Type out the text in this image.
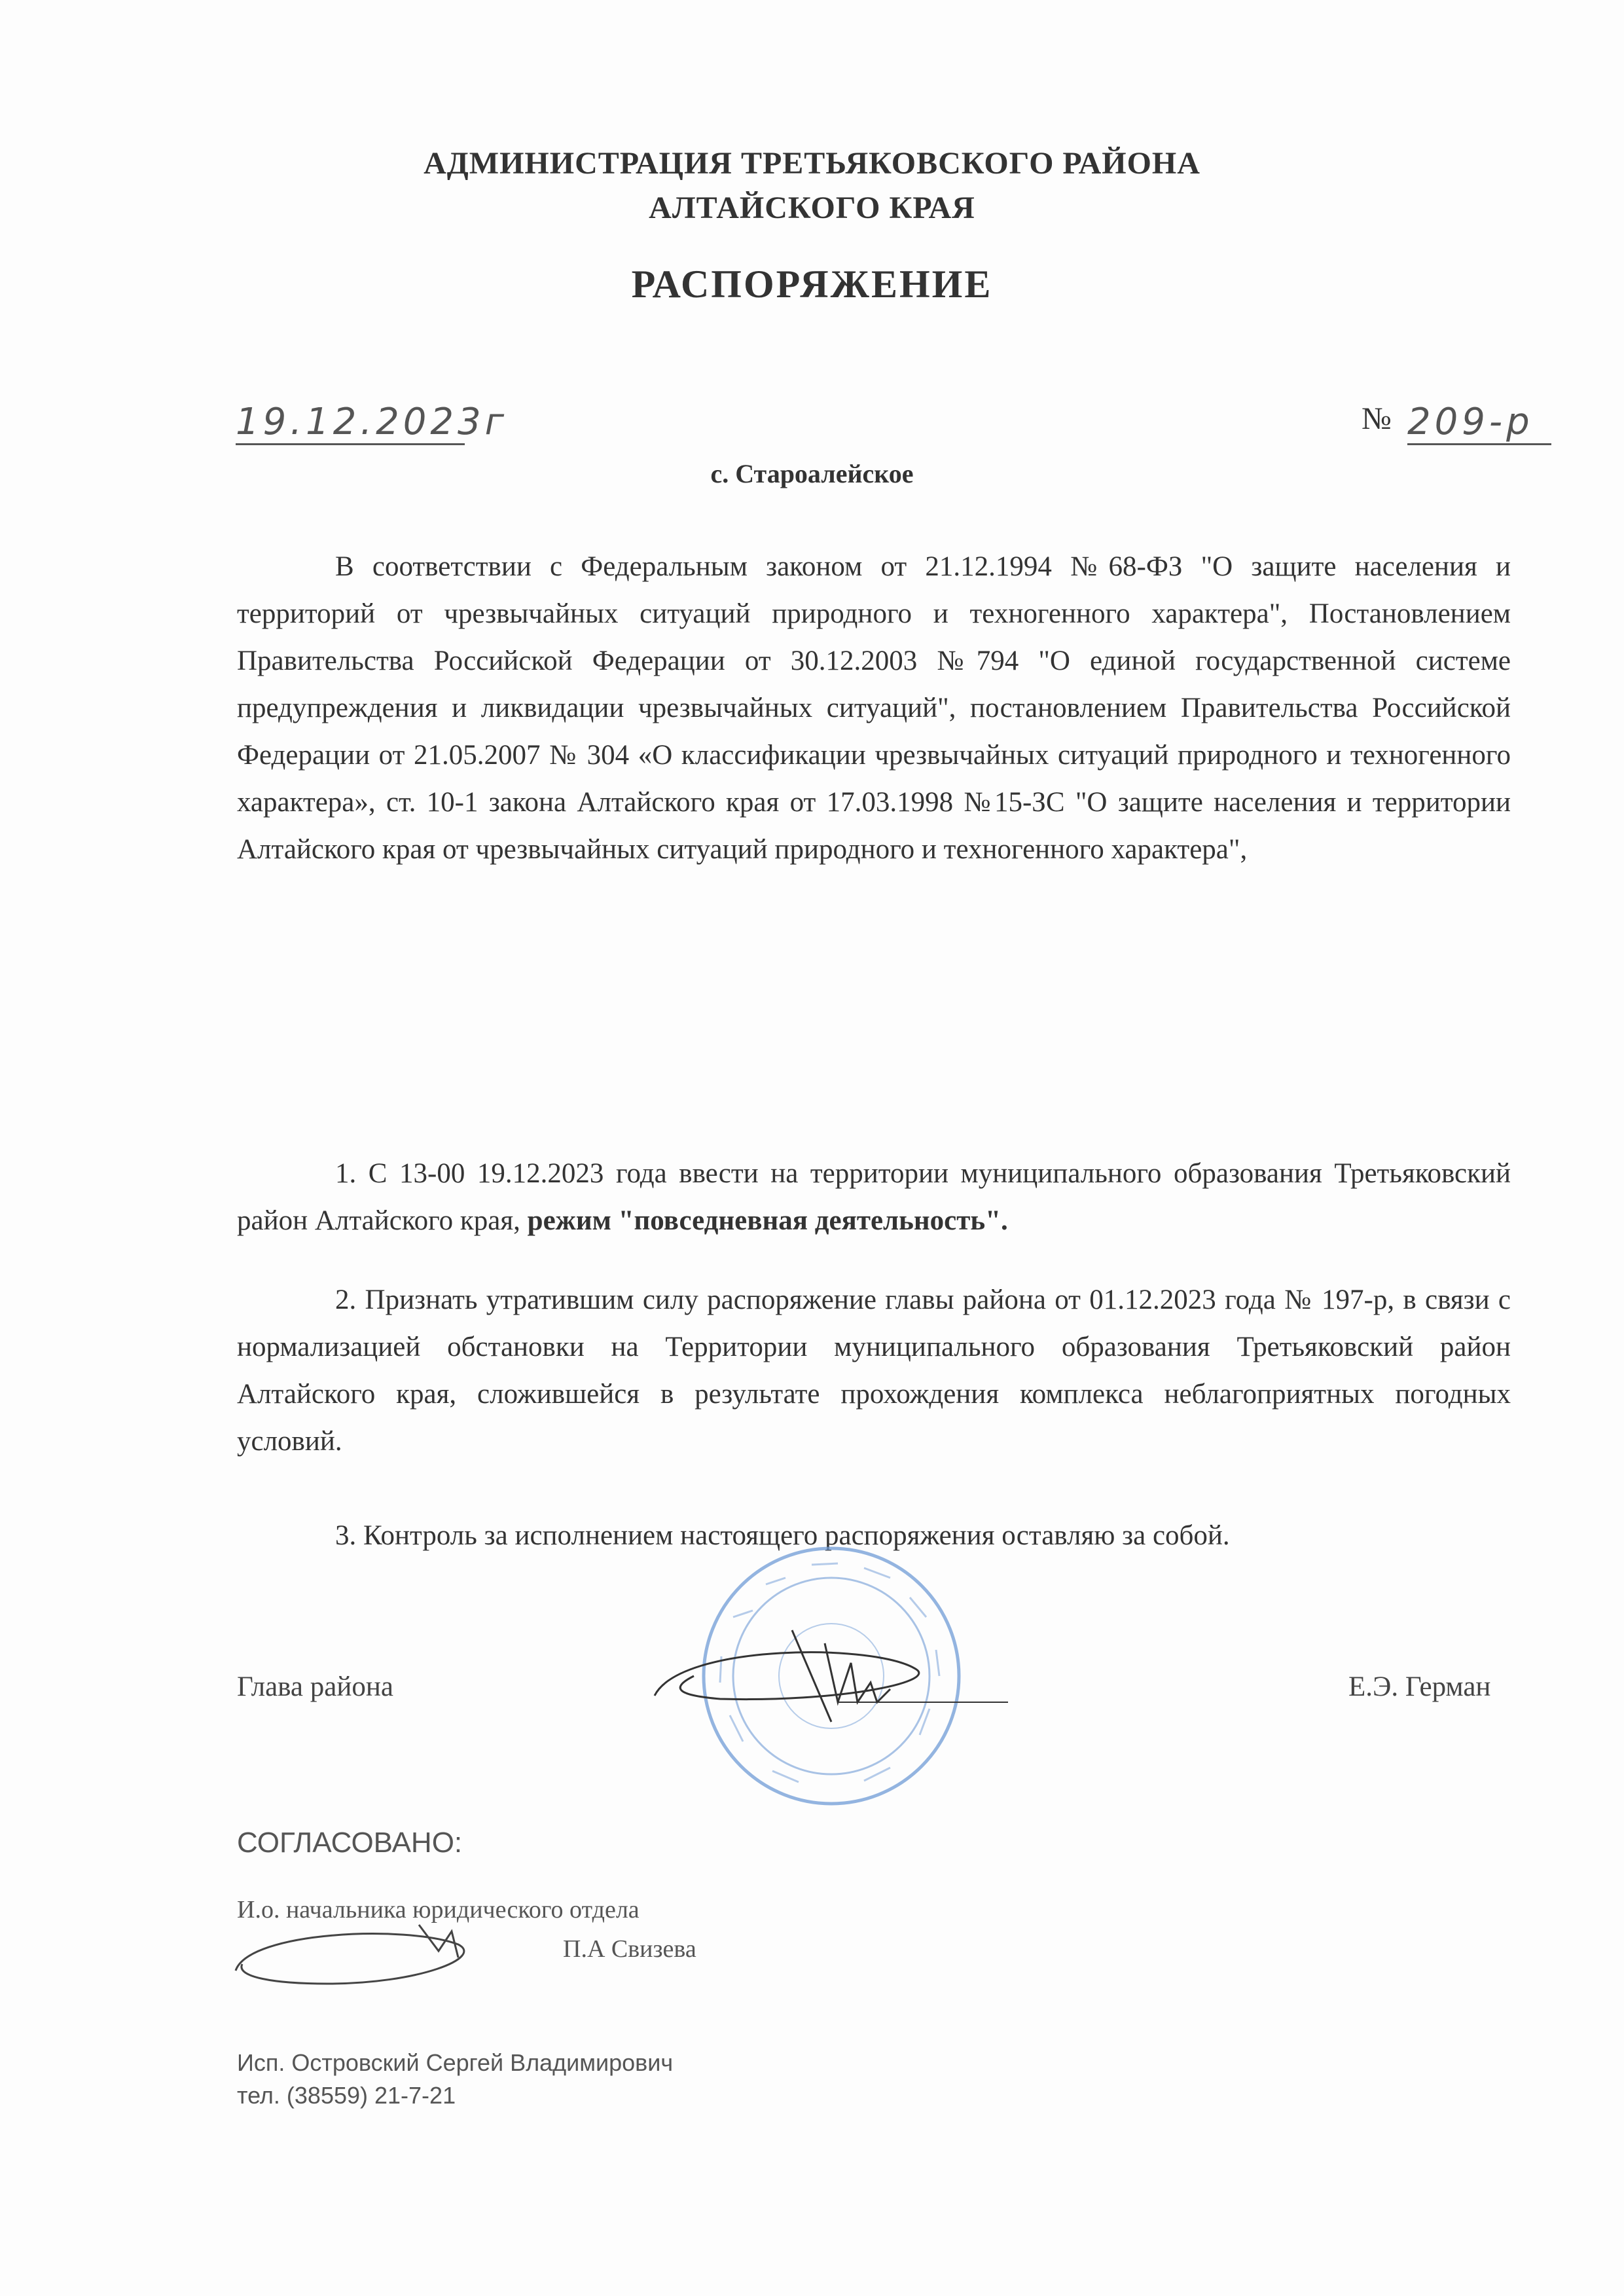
АДМИНИСТРАЦИЯ ТРЕТЬЯКОВСКОГО РАЙОНА
АЛТАЙСКОГО КРАЯ
РАСПОРЯЖЕНИЕ
19.12.2023г	№ 209-р
с. Староалейское
В соответствии с Федеральным законом от 21.12.1994 №68-ФЗ "О защите населения и территорий от чрезвычайных ситуаций природного и техногенного характера", Постановлением Правительства Российской Федерации от 30.12.2003 №794 "О единой государственной системе предупреждения и ликвидации чрезвычайных ситуаций", постановлением Правительства Российской Федерации от 21.05.2007 № 304 «О классификации чрезвычайных ситуаций природного и техногенного характера», ст. 10-1 закона Алтайского края от 17.03.1998 №15-ЗС "О защите населения и территории Алтайского края от чрезвычайных ситуаций природного и техногенного характера",
1. С 13-00 19.12.2023 года ввести на территории муниципального образования Третьяковский район Алтайского края, режим "повседневная деятельность".
2. Признать утратившим силу распоряжение главы района от 01.12.2023 года № 197-р, в связи с нормализацией обстановки на Территории муниципального образования Третьяковский район Алтайского края, сложившейся в результате прохождения комплекса неблагоприятных погодных условий.
3. Контроль за исполнением настоящего распоряжения оставляю за собой.
Глава района	Е.Э. Герман
СОГЛАСОВАНО:
И.о. начальника юридического отдела
П.А Свизева
Исп. Островский Сергей Владимирович
тел. (38559) 21-7-21
